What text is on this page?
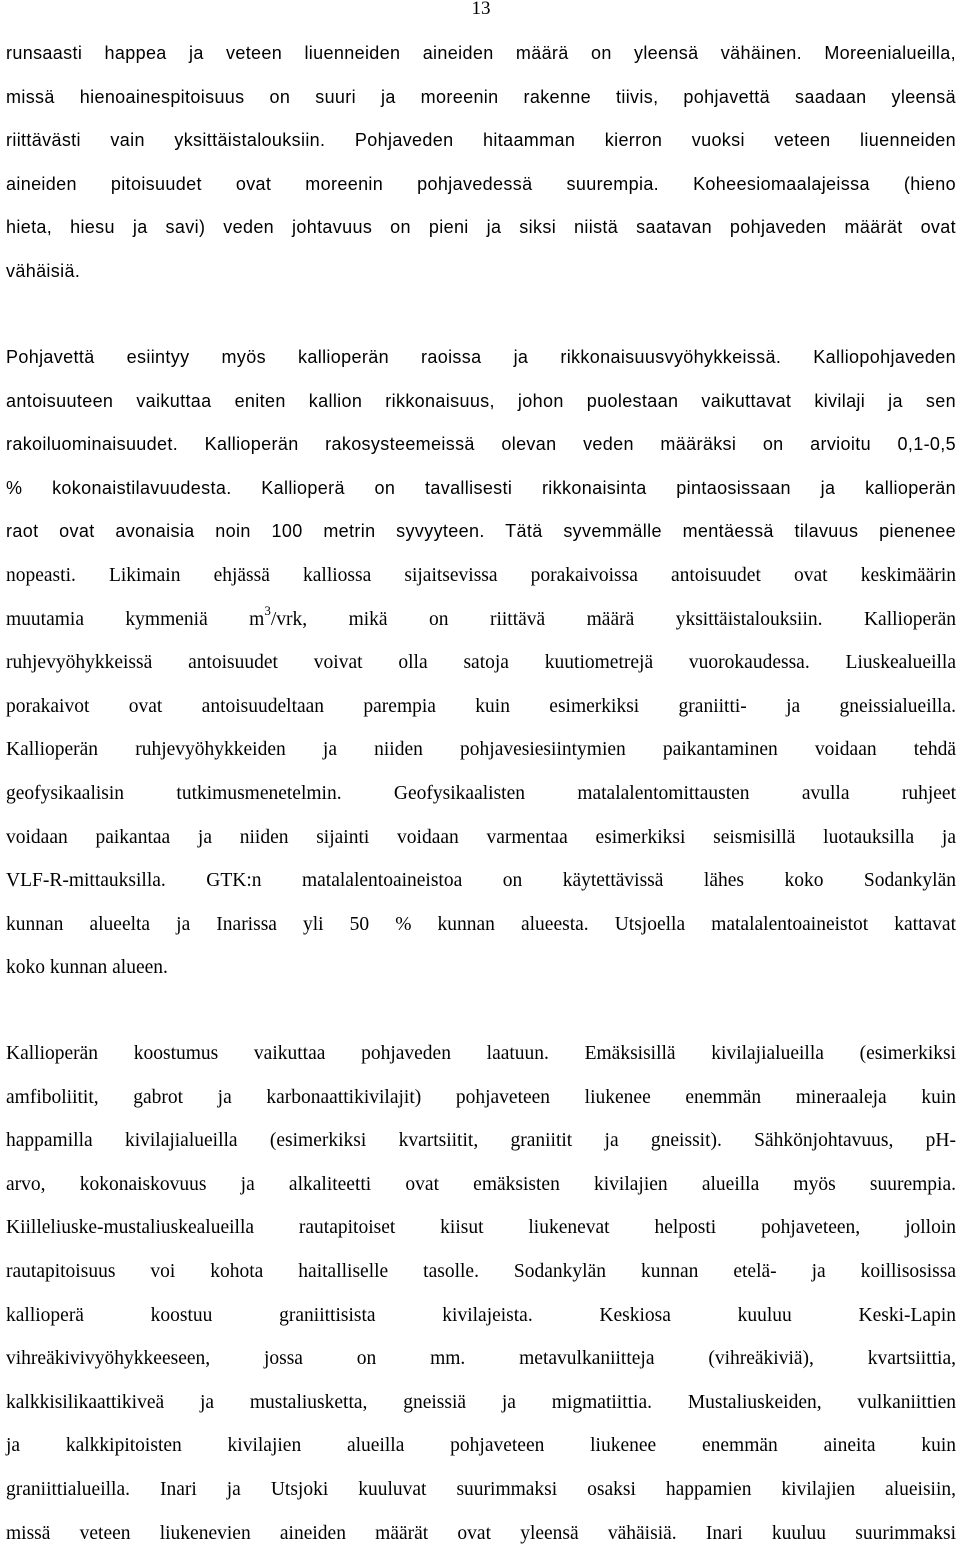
13
runsaasti happea ja veteen liuenneiden aineiden määrä on yleensä vähäinen. Moreenialueilla,
missä hienoainespitoisuus on suuri ja moreenin rakenne tiivis, pohjavettä saadaan yleensä
riittävästi vain yksittäistalouksiin. Pohjaveden hitaamman kierron vuoksi veteen liuenneiden
aineiden pitoisuudet ovat moreenin pohjavedessä suurempia. Koheesiomaalajeissa (hieno
hieta, hiesu ja savi) veden johtavuus on pieni ja siksi niistä saatavan pohjaveden määrät ovat
vähäisiä.
Pohjavettä esiintyy myös kallioperän raoissa ja rikkonaisuusvyöhykkeissä. Kalliopohjaveden
antoisuuteen vaikuttaa eniten kallion rikkonaisuus, johon puolestaan vaikuttavat kivilaji ja sen
rakoiluominaisuudet. Kallioperän rakosysteemeissä olevan veden määräksi on arvioitu 0,1-0,5
% kokonaistilavuudesta. Kallioperä on tavallisesti rikkonaisinta pintaosissaan ja kallioperän
raot ovat avonaisia noin 100 metrin syvyyteen. Tätä syvemmälle mentäessä tilavuus pienenee
nopeasti. Likimain ehjässä kalliossa sijaitsevissa porakaivoissa antoisuudet ovat keskimäärin
muutamia kymmeniä $m^3$/vrk, mikä on riittävä määrä yksittäistalouksiin. Kallioperän
ruhjevyöhykkeissä antoisuudet voivat olla satoja kuutiometrejä vuorokaudessa. Liuskealueilla
porakaivot ovat antoisuudeltaan parempia kuin esimerkiksi graniitti- ja gneissialueilla.
Kallioperän ruhjevyöhykkeiden ja niiden pohjavesiesiintymien paikantaminen voidaan tehdä
geofysikaalisin tutkimusmenetelmin. Geofysikaalisten matalalentomittausten avulla ruhjeet
voidaan paikantaa ja niiden sijainti voidaan varmentaa esimerkiksi seismisillä luotauksilla ja
VLF-R-mittauksilla. GTK:n matalalentoaineistoa on käytettävissä lähes koko Sodankylän
kunnan alueelta ja Inarissa yli 50 % kunnan alueesta. Utsjoella matalalentoaineistot kattavat
koko kunnan alueen.
Kallioperän koostumus vaikuttaa pohjaveden laatuun. Emäksisillä kivilajialueilla (esimerkiksi
amfiboliitit, gabrot ja karbonaattikivilajit) pohjaveteen liukenee enemmän mineraaleja kuin
happamilla kivilajialueilla (esimerkiksi kvartsiitit, graniitit ja gneissit). Sähkönjohtavuus, pH-
arvo, kokonaiskovuus ja alkaliteetti ovat emäksisten kivilajien alueilla myös suurempia.
Kiilleliuske-mustaliuskealueilla rautapitoiset kiisut liukenevat helposti pohjaveteen, jolloin
rautapitoisuus voi kohota haitalliselle tasolle. Sodankylän kunnan etelä- ja koillisosissa
kallioperä koostuu graniittisista kivilajeista. Keskiosa kuuluu Keski-Lapin
vihreäkivivyöhykkeeseen, jossa on mm. metavulkaniitteja (vihreäkiviä), kvartsiittia,
kalkkisilikaattikiveä ja mustaliusketta, gneissiä ja migmatiittia. Mustaliuskeiden, vulkaniittien
ja kalkkipitoisten kivilajien alueilla pohjaveteen liukenee enemmän aineita kuin
graniittialueilla. Inari ja Utsjoki kuuluvat suurimmaksi osaksi happamien kivilajien alueisiin,
missä veteen liukenevien aineiden määrät ovat yleensä vähäisiä. Inari kuuluu suurimmaksi
